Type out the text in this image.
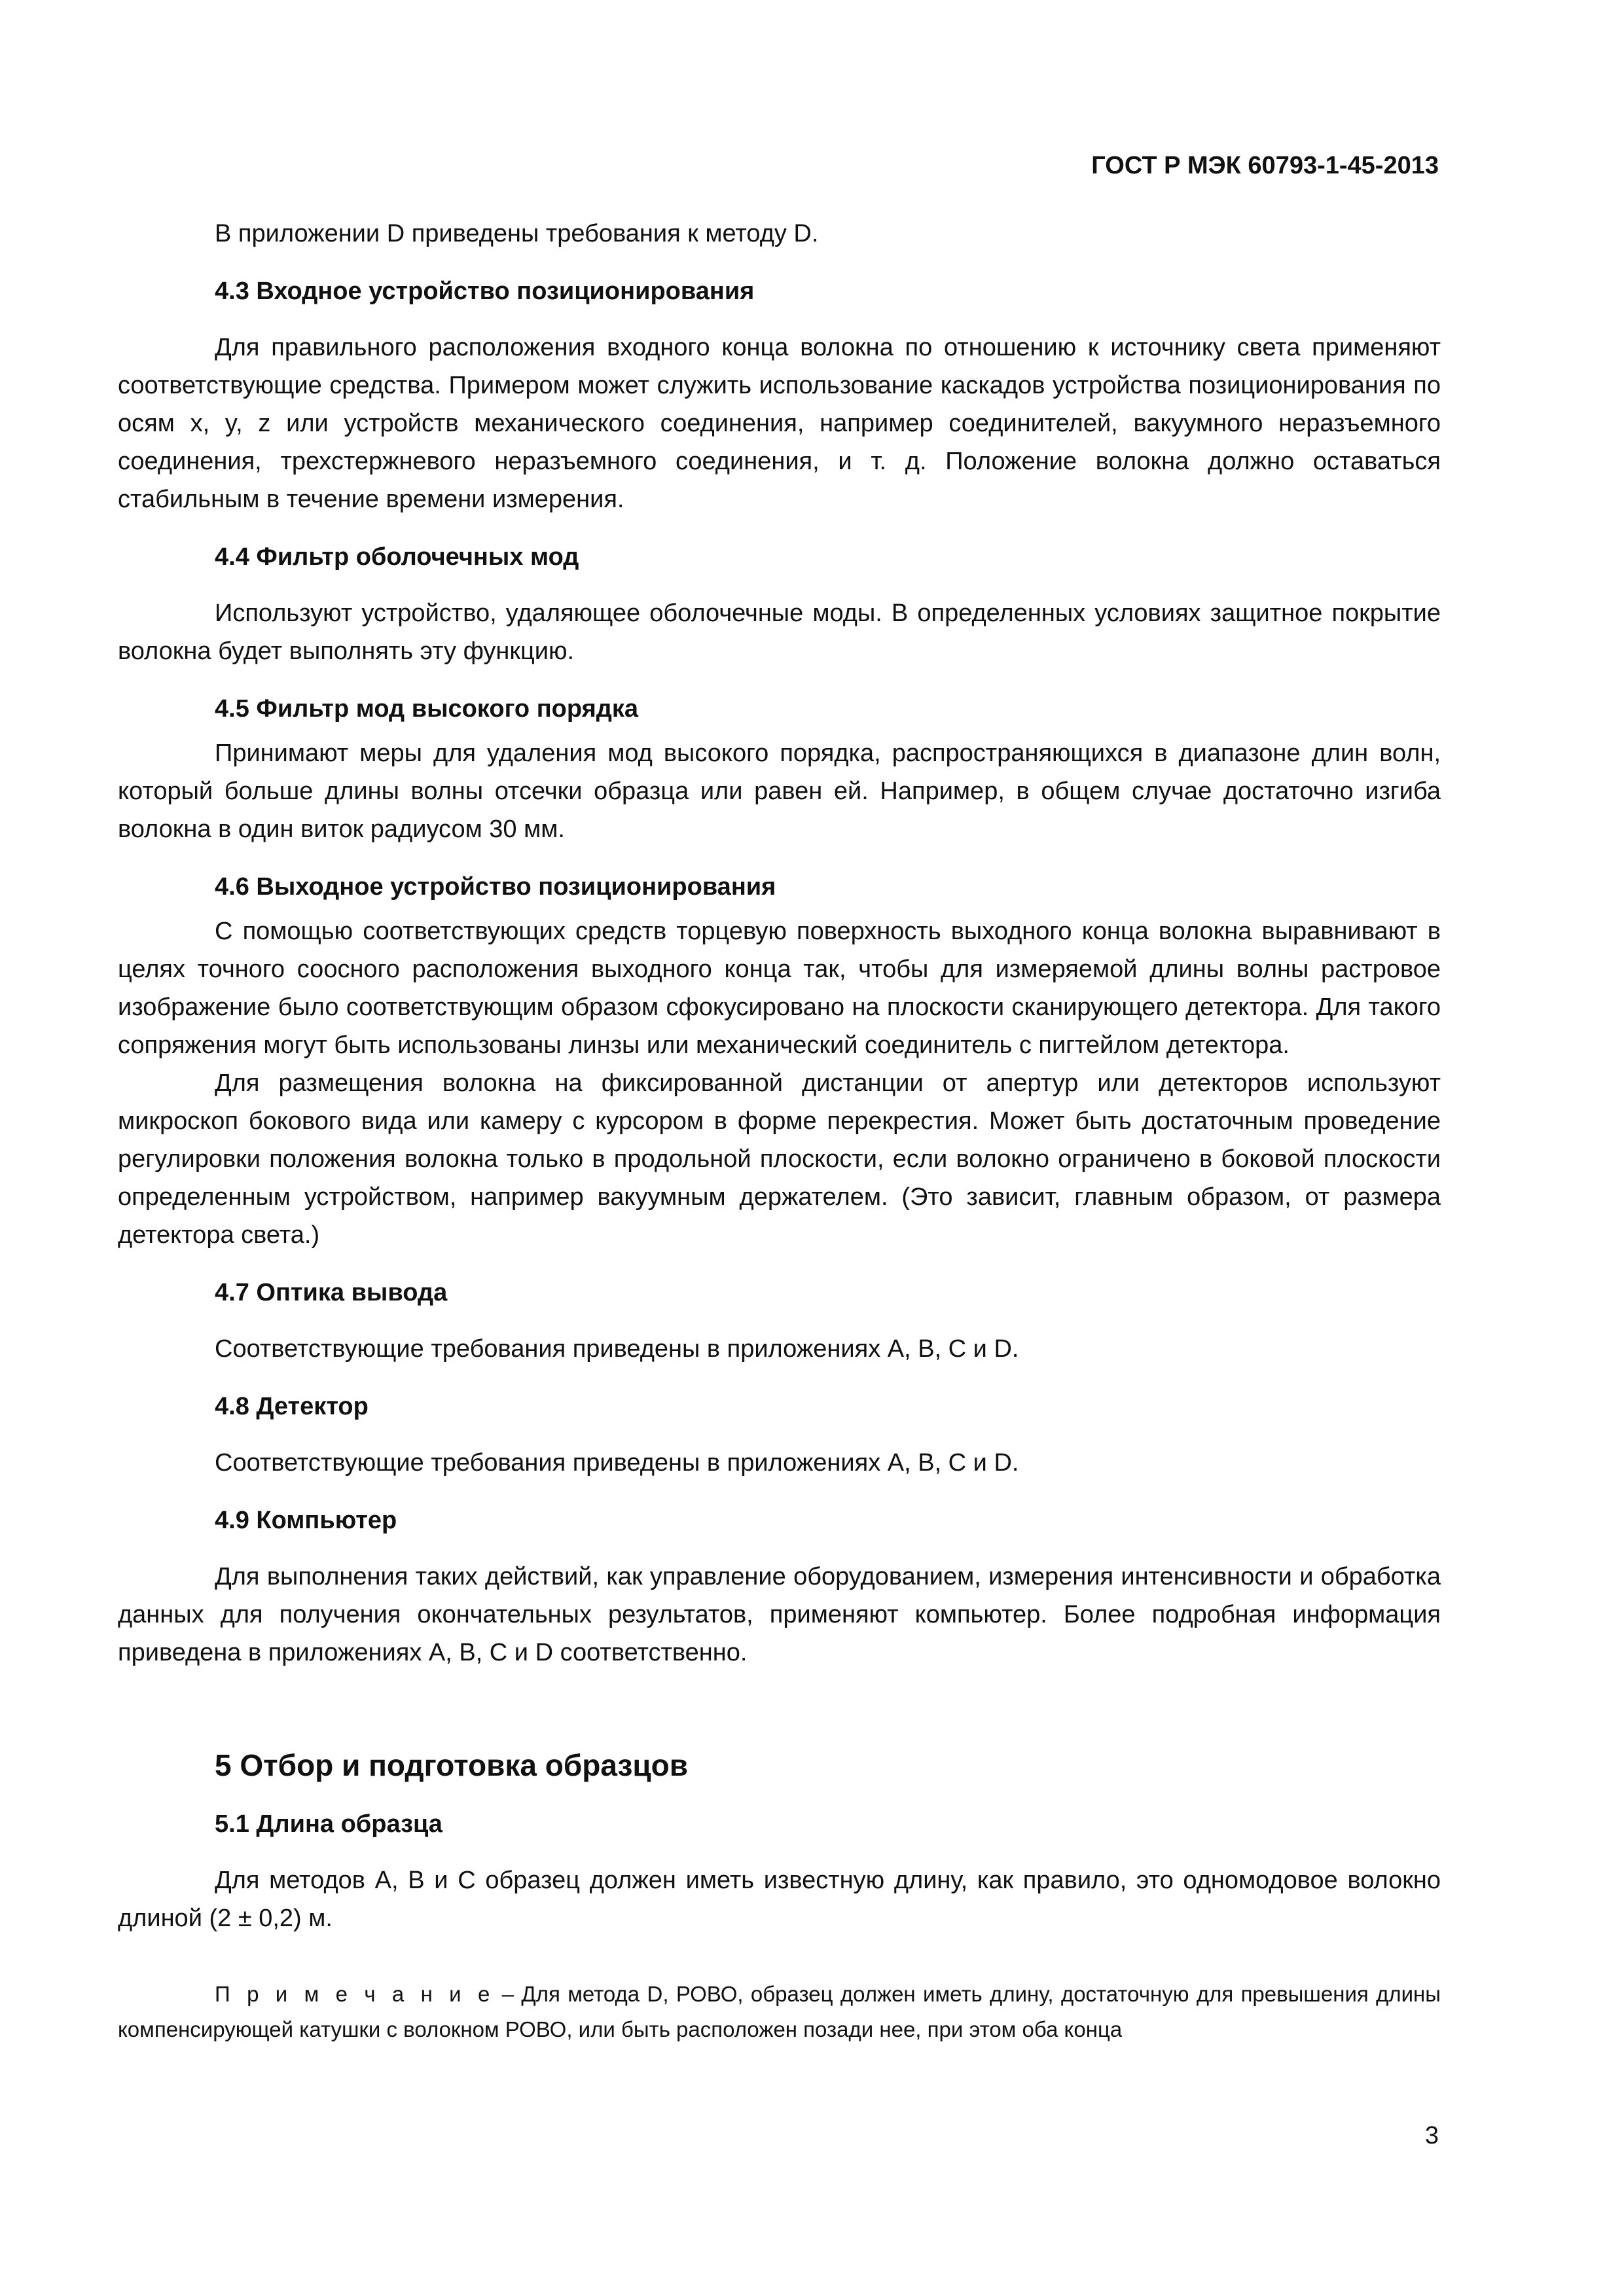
ГОСТ Р МЭК 60793-1-45-2013

В приложении D приведены требования к методу D.

4.3 Входное устройство позиционирования

Для правильного расположения входного конца волокна по отношению к источнику света применяют соответствующие средства. Примером может служить использование каскадов устройства позиционирования по осям x, y, z или устройств механического соединения, например соединителей, вакуумного неразъемного соединения, трехстержневого неразъемного соединения, и т. д. Положение волокна должно оставаться стабильным в течение времени измерения.

4.4 Фильтр оболочечных мод

Используют устройство, удаляющее оболочечные моды. В определенных условиях защитное покрытие волокна будет выполнять эту функцию.

4.5 Фильтр мод высокого порядка

Принимают меры для удаления мод высокого порядка, распространяющихся в диапазоне длин волн, который больше длины волны отсечки образца или равен ей. Например, в общем случае достаточно изгиба волокна в один виток радиусом 30 мм.

4.6 Выходное устройство позиционирования

С помощью соответствующих средств торцевую поверхность выходного конца волокна выравнивают в целях точного соосного расположения выходного конца так, чтобы для измеряемой длины волны растровое изображение было соответствующим образом сфокусировано на плоскости сканирующего детектора. Для такого сопряжения могут быть использованы линзы или механический соединитель с пигтейлом детектора.

Для размещения волокна на фиксированной дистанции от апертур или детекторов используют микроскоп бокового вида или камеру с курсором в форме перекрестия. Может быть достаточным проведение регулировки положения волокна только в продольной плоскости, если волокно ограничено в боковой плоскости определенным устройством, например вакуумным держателем. (Это зависит, главным образом, от размера детектора света.)

4.7 Оптика вывода

Соответствующие требования приведены в приложениях A, B, C и D.

4.8 Детектор

Соответствующие требования приведены в приложениях A, B, C и D.

4.9 Компьютер

Для выполнения таких действий, как управление оборудованием, измерения интенсивности и обработка данных для получения окончательных результатов, применяют компьютер. Более подробная информация приведена в приложениях A, B, C и D соответственно.

5 Отбор и подготовка образцов
5.1 Длина образца

Для методов A, B и C образец должен иметь известную длину, как правило, это одномодовое волокно длиной (2 ± 0,2) м.

П р и м е ч а н и е – Для метода D, РОВО, образец должен иметь длину, достаточную для превышения длины компенсирующей катушки с волокном РОВО, или быть расположен позади нее, при этом оба конца
3
